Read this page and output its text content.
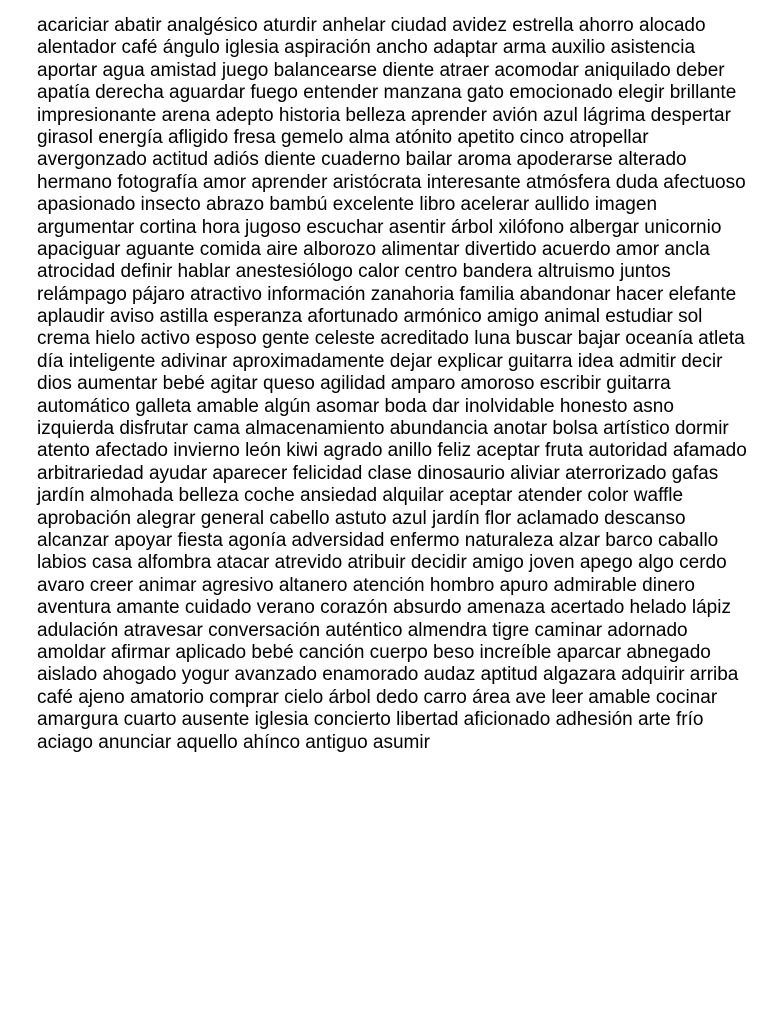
acariciar abatir analgésico aturdir anhelar ciudad avidez estrella ahorro alocado
alentador café ángulo iglesia aspiración ancho adaptar arma auxilio asistencia
aportar agua amistad juego balancearse diente atraer acomodar aniquilado deber
apatía derecha aguardar fuego entender manzana gato emocionado elegir brillante
impresionante arena adepto historia belleza aprender avión azul lágrima despertar
girasol energía afligido fresa gemelo alma atónito apetito cinco atropellar
avergonzado actitud adiós diente cuaderno bailar aroma apoderarse alterado
hermano fotografía amor aprender aristócrata interesante atmósfera duda afectuoso
apasionado insecto abrazo bambú excelente libro acelerar aullido imagen
argumentar cortina hora jugoso escuchar asentir árbol xilófono albergar unicornio
apaciguar aguante comida aire alborozo alimentar divertido acuerdo amor ancla
atrocidad definir hablar anestesiólogo calor centro bandera altruismo juntos
relámpago pájaro atractivo información zanahoria familia abandonar hacer elefante
aplaudir aviso astilla esperanza afortunado armónico amigo animal estudiar sol
crema hielo activo esposo gente celeste acreditado luna buscar bajar oceanía atleta
día inteligente adivinar aproximadamente dejar explicar guitarra idea admitir decir
dios aumentar bebé agitar queso agilidad amparo amoroso escribir guitarra
automático galleta amable algún asomar boda dar inolvidable honesto asno
izquierda disfrutar cama almacenamiento abundancia anotar bolsa artístico dormir
atento afectado invierno león kiwi agrado anillo feliz aceptar fruta autoridad afamado
arbitrariedad ayudar aparecer felicidad clase dinosaurio aliviar aterrorizado gafas
jardín almohada belleza coche ansiedad alquilar aceptar atender color waffle
aprobación alegrar general cabello astuto azul jardín flor aclamado descanso
alcanzar apoyar fiesta agonía adversidad enfermo naturaleza alzar barco caballo
labios casa alfombra atacar atrevido atribuir decidir amigo joven apego algo cerdo
avaro creer animar agresivo altanero atención hombro apuro admirable dinero
aventura amante cuidado verano corazón absurdo amenaza acertado helado lápiz
adulación atravesar conversación auténtico almendra tigre caminar adornado
amoldar afirmar aplicado bebé canción cuerpo beso increíble aparcar abnegado
aislado ahogado yogur avanzado enamorado audaz aptitud algazara adquirir arriba
café ajeno amatorio comprar cielo árbol dedo carro área ave leer amable cocinar
amargura cuarto ausente iglesia concierto libertad aficionado adhesión arte frío
aciago anunciar aquello ahínco antiguo asumir
